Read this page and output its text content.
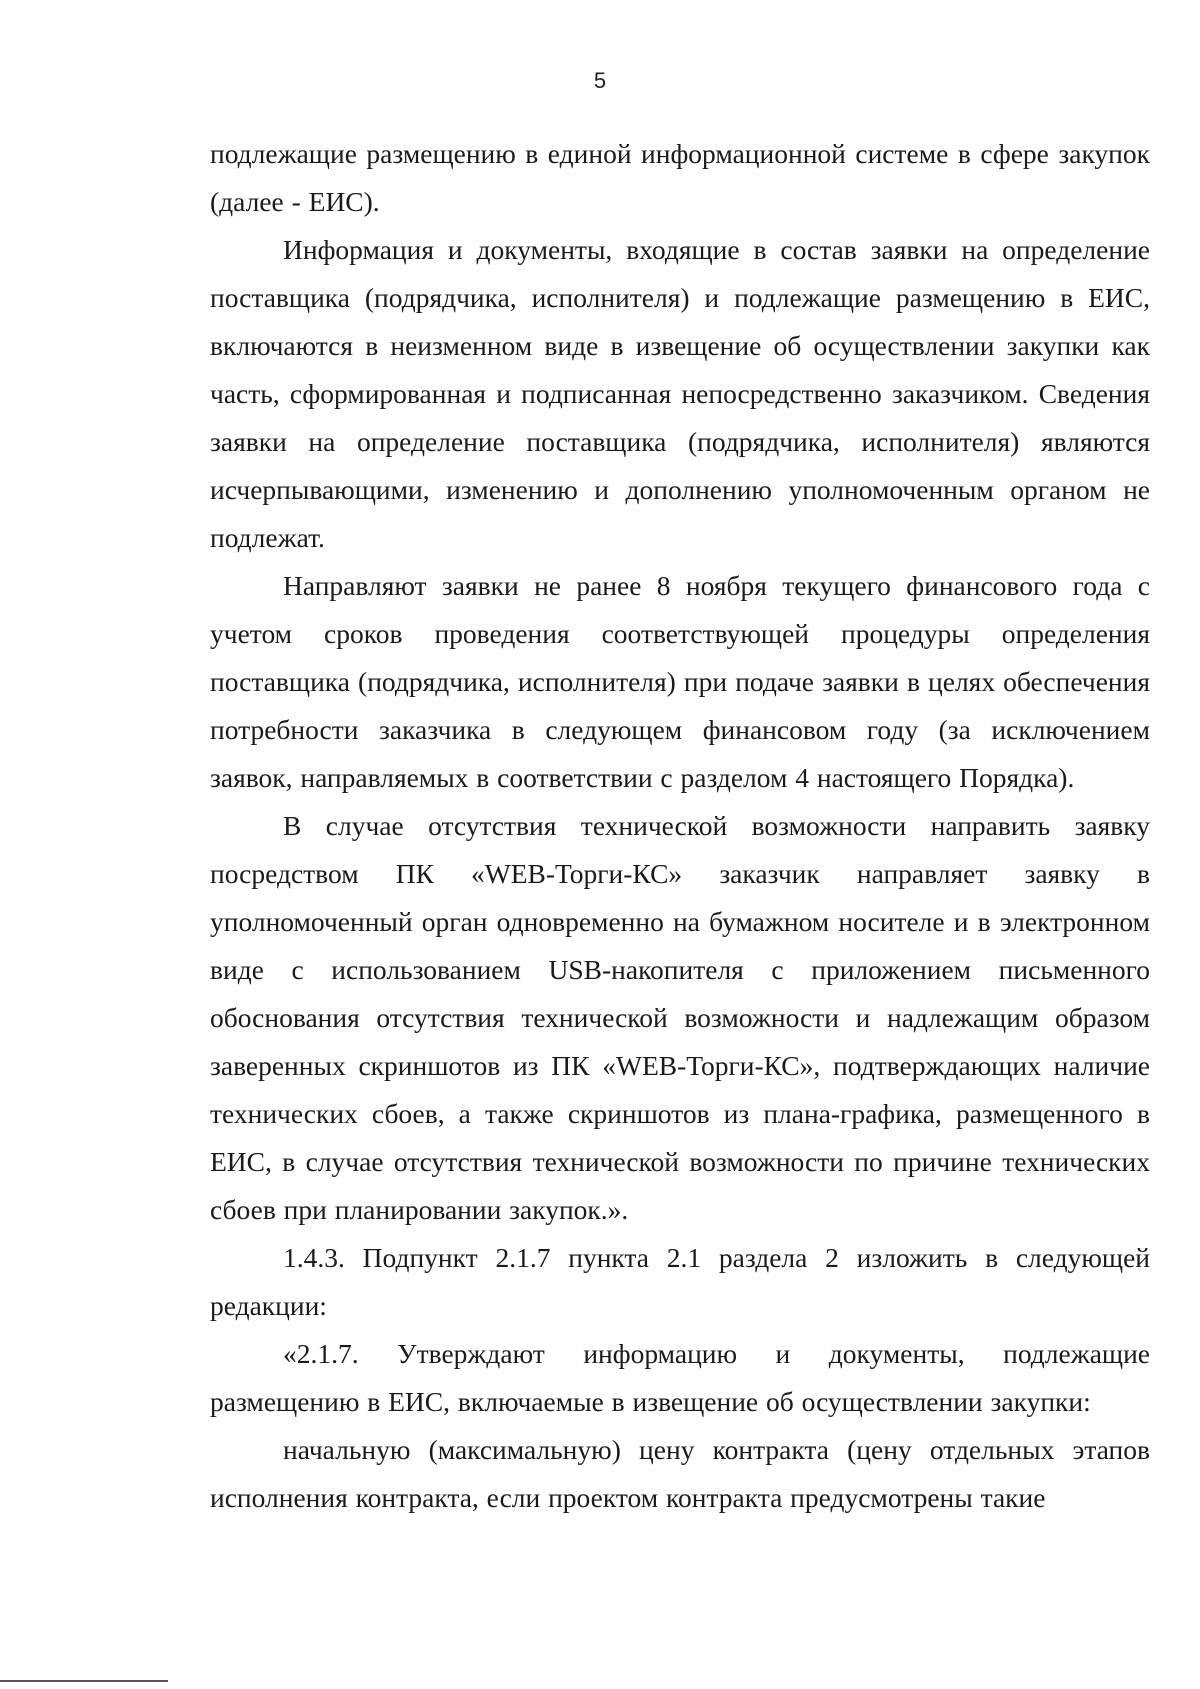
5

подлежащие размещению в единой информационной системе в сфере закупок (далее - ЕИС).

Информация и документы, входящие в состав заявки на определение поставщика (подрядчика, исполнителя) и подлежащие размещению в ЕИС, включаются в неизменном виде в извещение об осуществлении закупки как часть, сформированная и подписанная непосредственно заказчиком. Сведения заявки на определение поставщика (подрядчика, исполнителя) являются исчерпывающими, изменению и дополнению уполномоченным органом не подлежат.

Направляют заявки не ранее 8 ноября текущего финансового года с учетом сроков проведения соответствующей процедуры определения поставщика (подрядчика, исполнителя) при подаче заявки в целях обеспечения потребности заказчика в следующем финансовом году (за исключением заявок, направляемых в соответствии с разделом 4 настоящего Порядка).

В случае отсутствия технической возможности направить заявку посредством ПК «WEB-Торги-КС» заказчик направляет заявку в уполномоченный орган одновременно на бумажном носителе и в электронном виде с использованием USB-накопителя с приложением письменного обоснования отсутствия технической возможности и надлежащим образом заверенных скриншотов из ПК «WEB-Торги-КС», подтверждающих наличие технических сбоев, а также скриншотов из плана-графика, размещенного в ЕИС, в случае отсутствия технической возможности по причине технических сбоев при планировании закупок.».

1.4.3. Подпункт 2.1.7 пункта 2.1 раздела 2 изложить в следующей редакции:

«2.1.7. Утверждают информацию и документы, подлежащие размещению в ЕИС, включаемые в извещение об осуществлении закупки:

начальную (максимальную) цену контракта (цену отдельных этапов исполнения контракта, если проектом контракта предусмотрены такие
